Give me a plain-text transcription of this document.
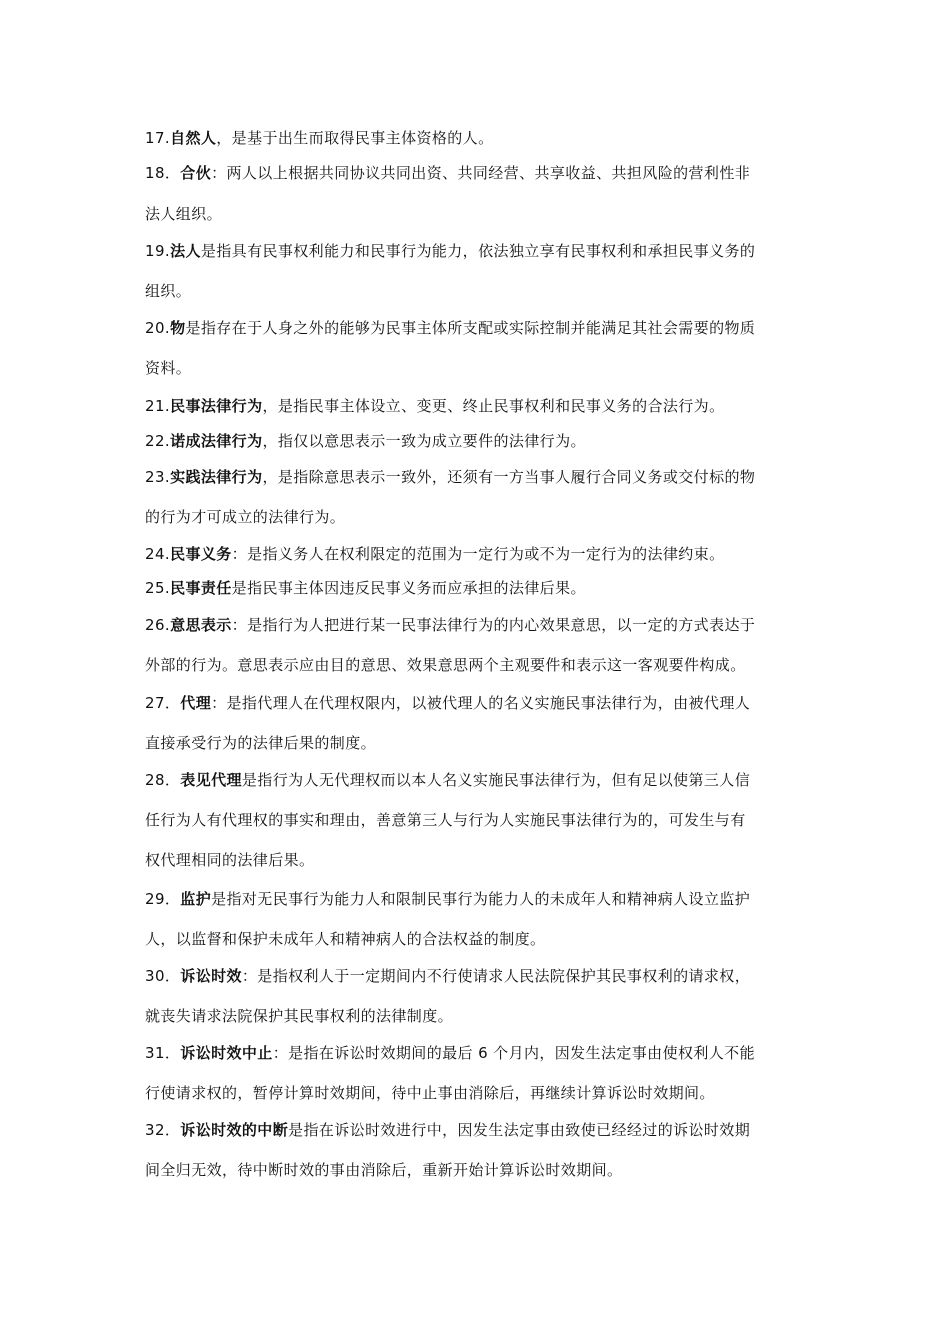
17.自然人，是基于出生而取得民事主体资格的人。
18．合伙：两人以上根据共同协议共同出资、共同经营、共享收益、共担风险的营利性非
法人组织。
19.法人是指具有民事权利能力和民事行为能力，依法独立享有民事权利和承担民事义务的
组织。
20.物是指存在于人身之外的能够为民事主体所支配或实际控制并能满足其社会需要的物质
资料。
21.民事法律行为，是指民事主体设立、变更、终止民事权利和民事义务的合法行为。
22.诺成法律行为，指仅以意思表示一致为成立要件的法律行为。
23.实践法律行为，是指除意思表示一致外，还须有一方当事人履行合同义务或交付标的物
的行为才可成立的法律行为。
24.民事义务：是指义务人在权利限定的范围为一定行为或不为一定行为的法律约束。
25.民事责任是指民事主体因违反民事义务而应承担的法律后果。
26.意思表示：是指行为人把进行某一民事法律行为的内心效果意思，以一定的方式表达于
外部的行为。意思表示应由目的意思、效果意思两个主观要件和表示这一客观要件构成。
27．代理：是指代理人在代理权限内，以被代理人的名义实施民事法律行为，由被代理人
直接承受行为的法律后果的制度。
28．表见代理是指行为人无代理权而以本人名义实施民事法律行为，但有足以使第三人信
任行为人有代理权的事实和理由，善意第三人与行为人实施民事法律行为的，可发生与有
权代理相同的法律后果。
29．监护是指对无民事行为能力人和限制民事行为能力人的未成年人和精神病人设立监护
人，以监督和保护未成年人和精神病人的合法权益的制度。
30．诉讼时效：是指权利人于一定期间内不行使请求人民法院保护其民事权利的请求权，
就丧失请求法院保护其民事权利的法律制度。
31．诉讼时效中止：是指在诉讼时效期间的最后 6 个月内，因发生法定事由使权利人不能
行使请求权的，暂停计算时效期间，待中止事由消除后，再继续计算诉讼时效期间。
32．诉讼时效的中断是指在诉讼时效进行中，因发生法定事由致使已经经过的诉讼时效期
间全归无效，待中断时效的事由消除后，重新开始计算诉讼时效期间。
